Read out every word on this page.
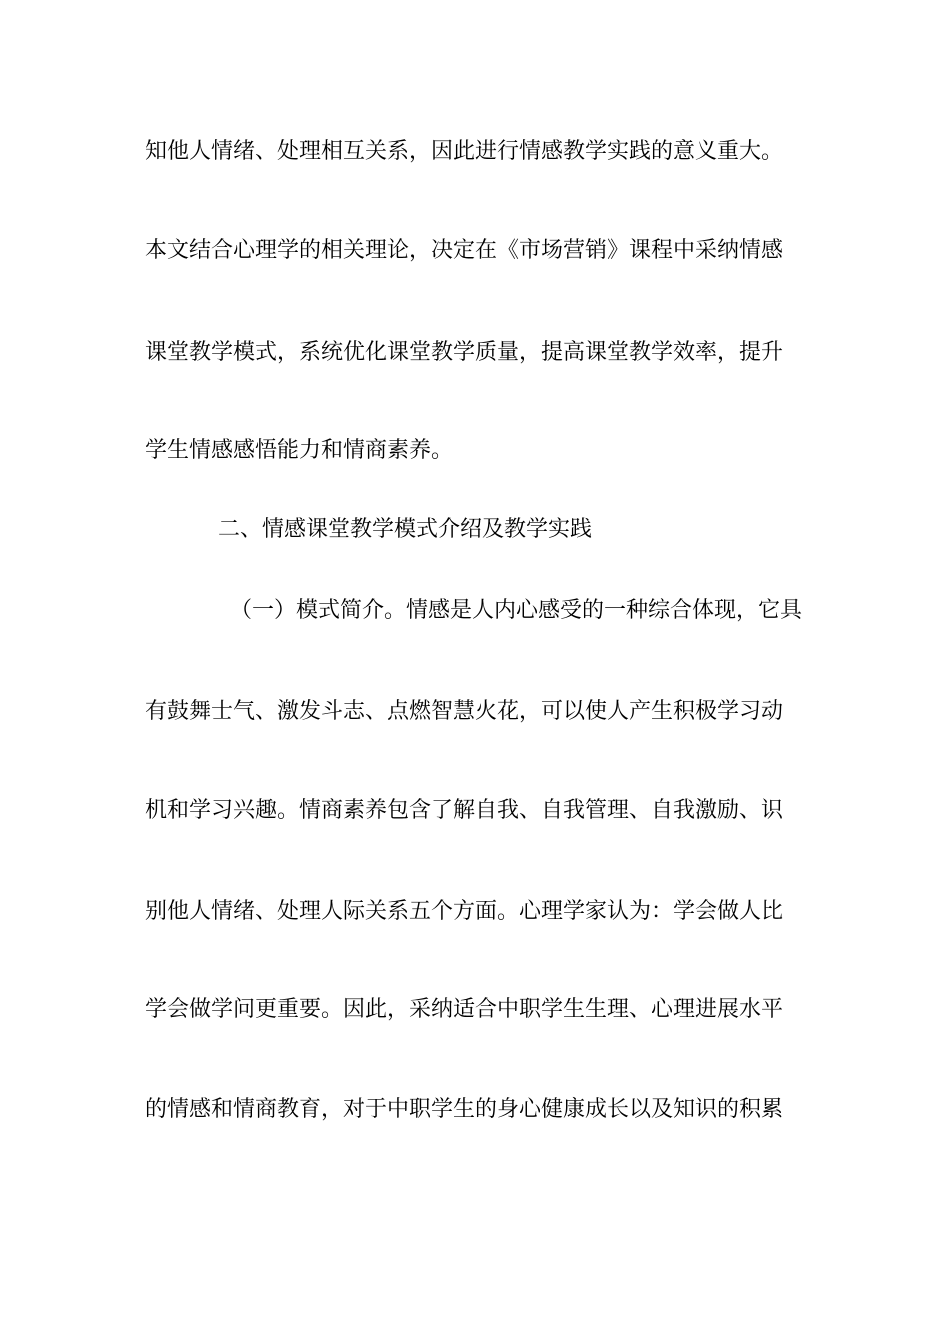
知他人情绪、处理相互关系，因此进行情感教学实践的意义重大。
本文结合心理学的相关理论，决定在《市场营销》课程中采纳情感
课堂教学模式，系统优化课堂教学质量，提高课堂教学效率，提升
学生情感感悟能力和情商素养。
二、情感课堂教学模式介绍及教学实践
（一）模式简介。情感是人内心感受的一种综合体现，它具
有鼓舞士气、激发斗志、点燃智慧火花，可以使人产生积极学习动
机和学习兴趣。情商素养包含了解自我、自我管理、自我激励、识
别他人情绪、处理人际关系五个方面。心理学家认为：学会做人比
学会做学问更重要。因此，采纳适合中职学生生理、心理进展水平
的情感和情商教育，对于中职学生的身心健康成长以及知识的积累
